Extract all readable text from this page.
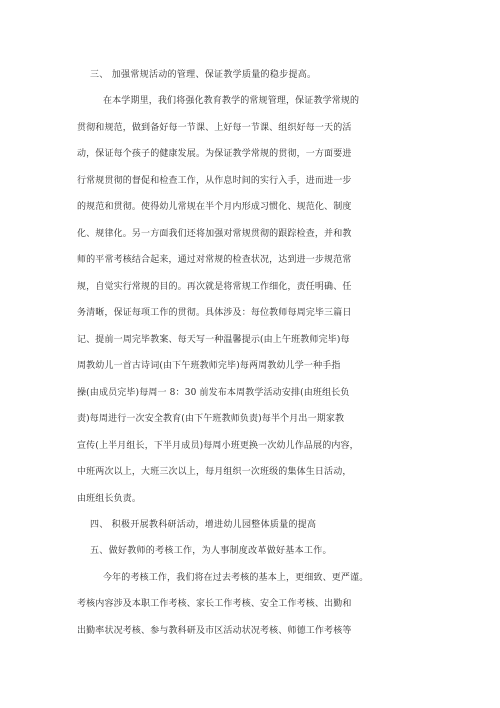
三、 加强常规活动的管理、保证教学质量的稳步提高。
在本学期里，我们将强化教育教学的常规管理，保证教学常规的
贯彻和规范，做到备好每一节课、上好每一节课、组织好每一天的活
动，保证每个孩子的健康发展。为保证教学常规的贯彻，一方面要进
行常规贯彻的督促和检查工作，从作息时间的实行入手，进而进一步
的规范和贯彻。使得幼儿常规在半个月内形成习惯化、规范化、制度
化、规律化。另一方面我们还将加强对常规贯彻的跟踪检查，并和教
师的平常考核结合起来，通过对常规的检查状况，达到进一步规范常
规，自觉实行常规的目的。再次就是将常规工作细化，责任明确、任
务清晰，保证每项工作的贯彻。具体涉及：每位教师每周完毕三篇日
记、提前一周完毕教案、每天写一种温馨提示(由上午班教师完毕)每
周教幼儿一首古诗词(由下午班教师完毕)每两周教幼儿学一种手指
操(由成员完毕)每周一 8：30 前发布本周教学活动安排(由班组长负
责)每周进行一次安全教育(由下午班教师负责)每半个月出一期家教
宣传(上半月组长，下半月成员)每周小班更换一次幼儿作品展的内容，
中班两次以上，大班三次以上，每月组织一次班级的集体生日活动，
由班组长负责。
四、 积极开展教科研活动，增进幼儿园整体质量的提高
五、做好教师的考核工作，为人事制度改革做好基本工作。
今年的考核工作，我们将在过去考核的基本上，更细致、更严谨。
考核内容涉及本职工作考核、家长工作考核、安全工作考核、出勤和
出勤率状况考核、参与教科研及市区活动状况考核、师德工作考核等
